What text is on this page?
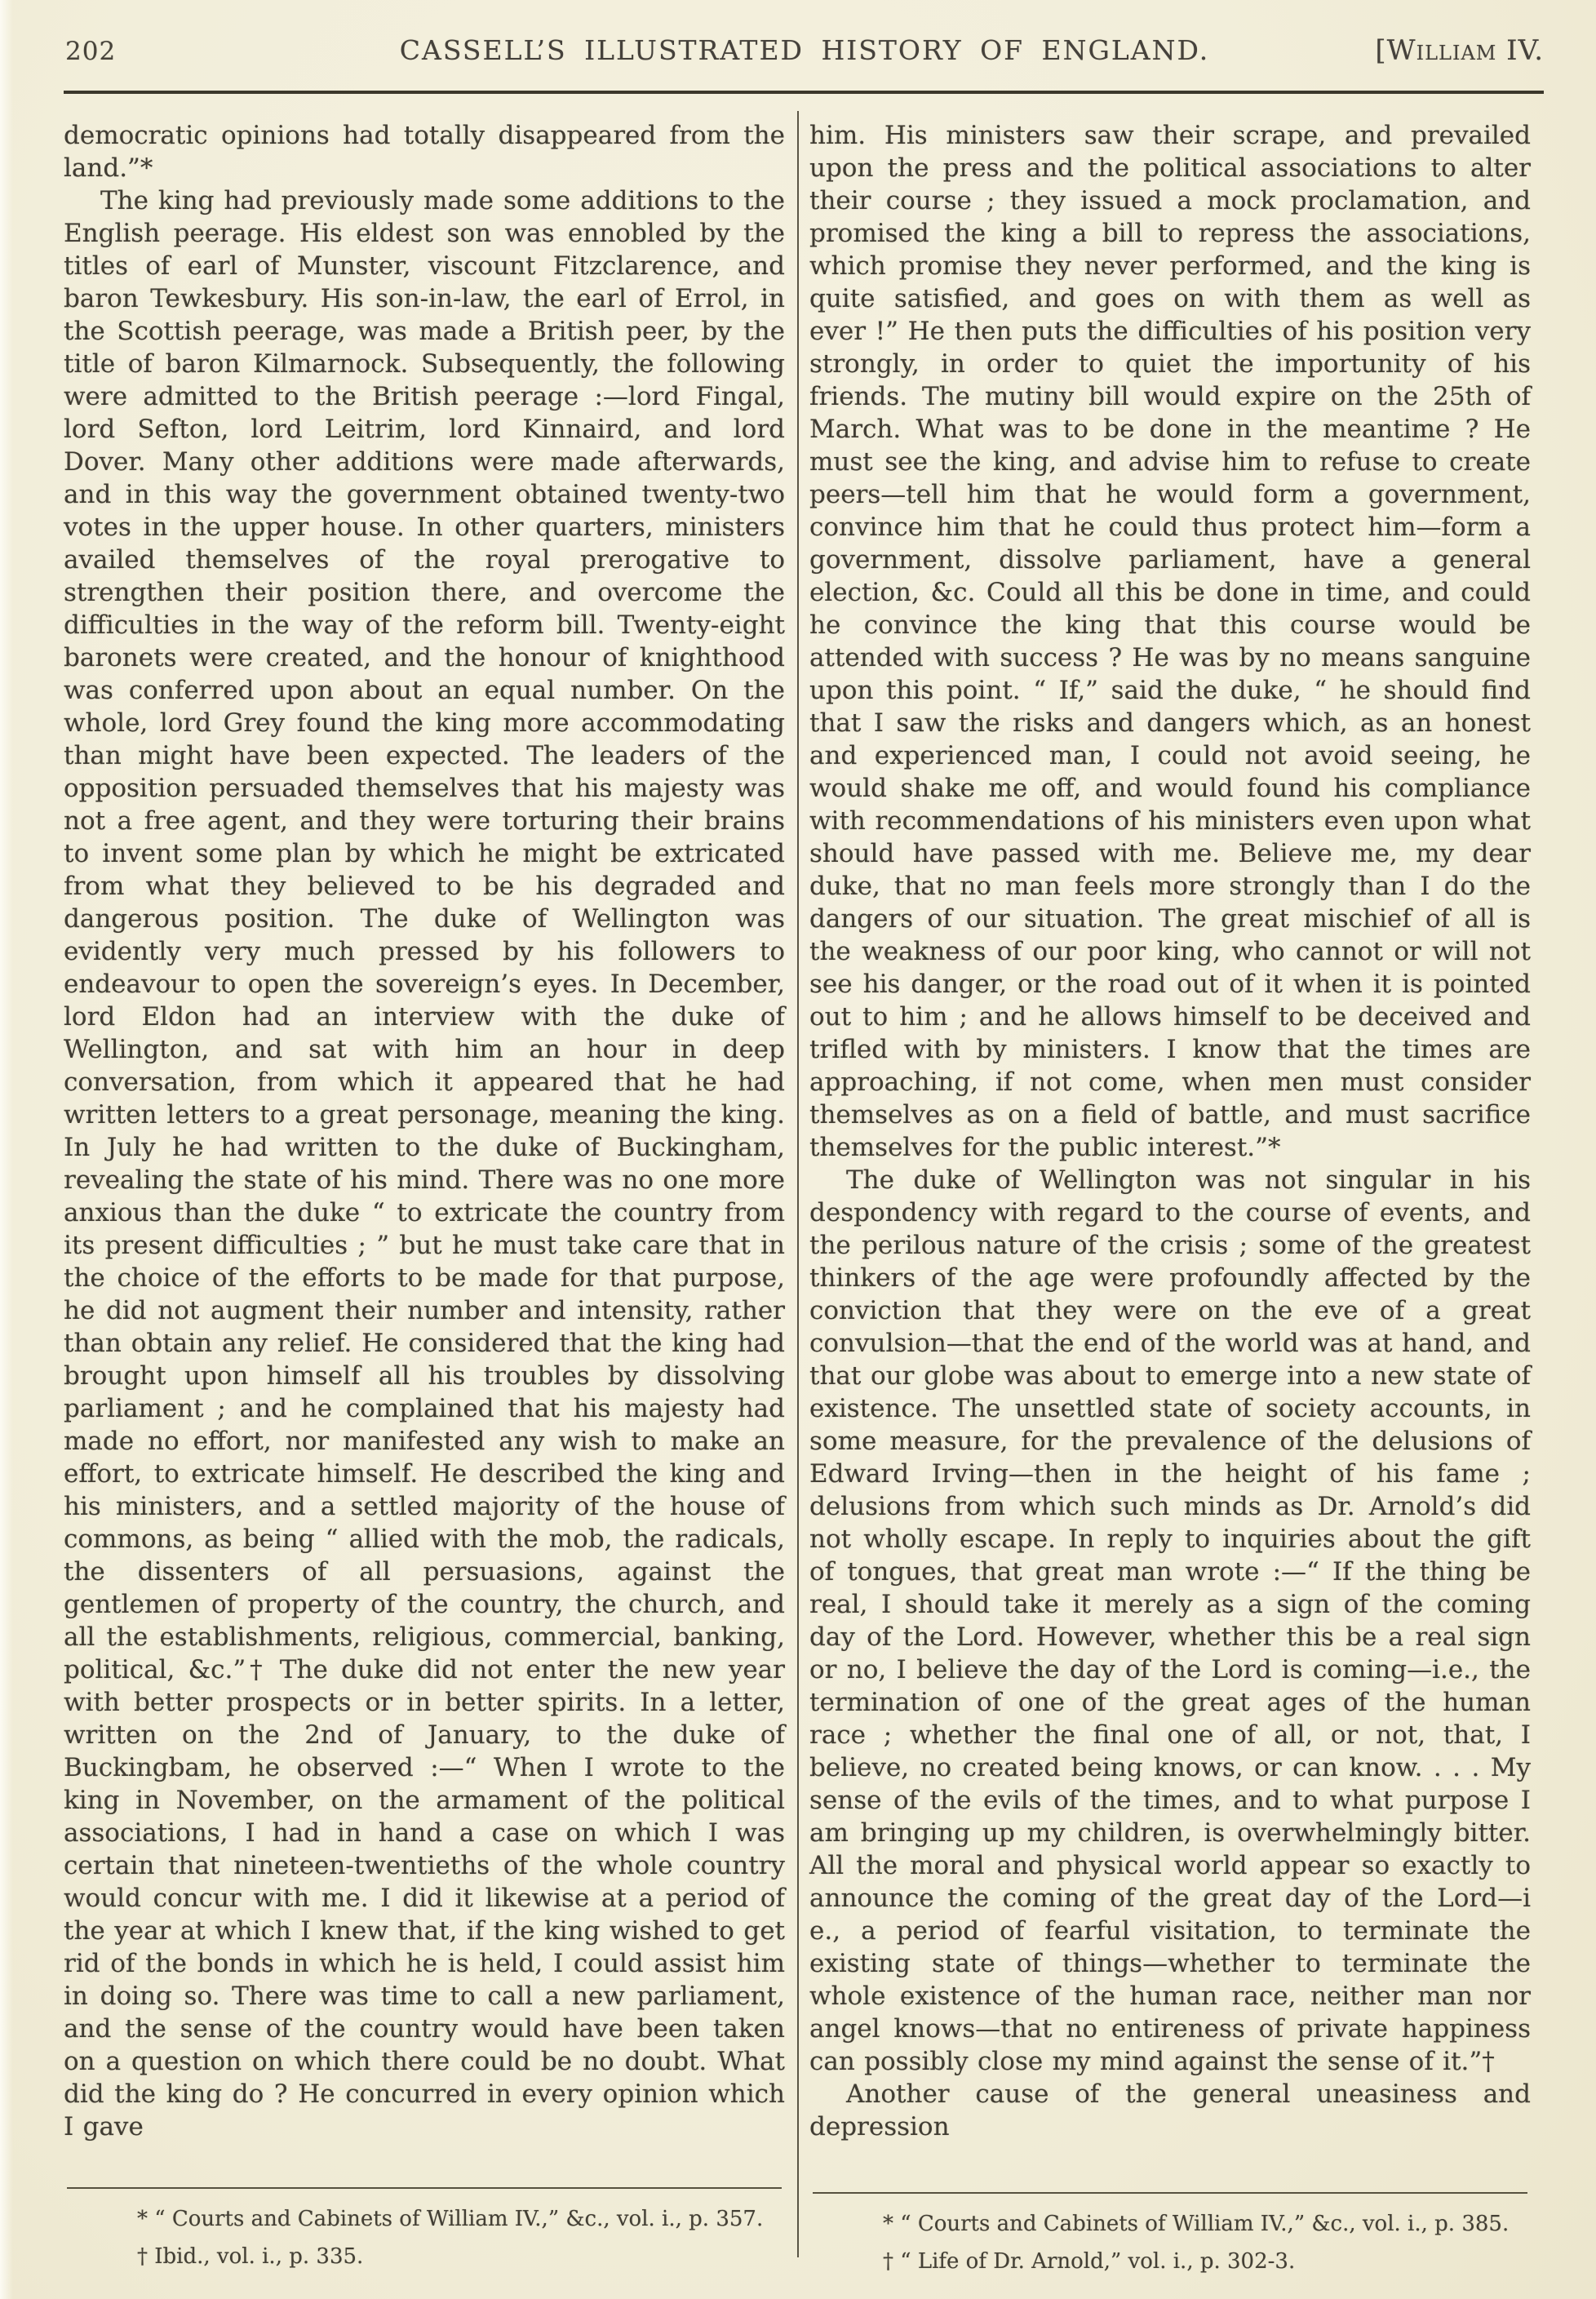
202	CASSELL’S ILLUSTRATED HISTORY OF ENGLAND.	[William IV.

democratic opinions had totally disappeared from the land.”*

The king had previously made some additions to the English peerage. His eldest son was ennobled by the titles of earl of Munster, viscount Fitzclarence, and baron Tewkesbury. His son-in-law, the earl of Errol, in the Scottish peerage, was made a British peer, by the title of baron Kilmarnock. Subsequently, the following were admitted to the British peerage :—lord Fingal, lord Sefton, lord Leitrim, lord Kinnaird, and lord Dover. Many other additions were made afterwards, and in this way the government obtained twenty-two votes in the upper house. In other quarters, ministers availed themselves of the royal prerogative to strengthen their position there, and overcome the difficulties in the way of the reform bill. Twenty-eight baronets were created, and the honour of knighthood was conferred upon about an equal number. On the whole, lord Grey found the king more accommodating than might have been expected. The leaders of the opposition persuaded themselves that his majesty was not a free agent, and they were torturing their brains to invent some plan by which he might be extricated from what they believed to be his degraded and dangerous position. The duke of Wellington was evidently very much pressed by his followers to endeavour to open the sovereign’s eyes. In December, lord Eldon had an interview with the duke of Wellington, and sat with him an hour in deep conversation, from which it appeared that he had written letters to a great personage, meaning the king. In July he had written to the duke of Buckingham, revealing the state of his mind. There was no one more anxious than the duke “ to extricate the country from its present difficulties ; ” but he must take care that in the choice of the efforts to be made for that purpose, he did not augment their number and intensity, rather than obtain any relief. He considered that the king had brought upon himself all his troubles by dissolving parliament ; and he complained that his majesty had made no effort, nor manifested any wish to make an effort, to extricate himself. He described the king and his ministers, and a settled majority of the house of commons, as being “ allied with the mob, the radicals, the dissenters of all persuasions, against the gentlemen of property of the country, the church, and all the establishments, religious, commercial, banking, political, &c.”† The duke did not enter the new year with better prospects or in better spirits. In a letter, written on the 2nd of January, to the duke of Buckingbam, he observed :—“ When I wrote to the king in November, on the armament of the political associations, I had in hand a case on which I was certain that nineteen-twentieths of the whole country would concur with me. I did it likewise at a period of the year at which I knew that, if the king wished to get rid of the bonds in which he is held, I could assist him in doing so. There was time to call a new parliament, and the sense of the country would have been taken on a question on which there could be no doubt. What did the king do ? He concurred in every opinion which I gave

him. His ministers saw their scrape, and prevailed upon the press and the political associations to alter their course ; they issued a mock proclamation, and promised the king a bill to repress the associations, which promise they never performed, and the king is quite satisfied, and goes on with them as well as ever !” He then puts the difficulties of his position very strongly, in order to quiet the importunity of his friends. The mutiny bill would expire on the 25th of March. What was to be done in the meantime ? He must see the king, and advise him to refuse to create peers—tell him that he would form a government, convince him that he could thus protect him—form a government, dissolve parliament, have a general election, &c. Could all this be done in time, and could he convince the king that this course would be attended with success ? He was by no means sanguine upon this point. “ If,” said the duke, “ he should find that I saw the risks and dangers which, as an honest and experienced man, I could not avoid seeing, he would shake me off, and would found his compliance with recommendations of his ministers even upon what should have passed with me. Believe me, my dear duke, that no man feels more strongly than I do the dangers of our situation. The great mischief of all is the weakness of our poor king, who cannot or will not see his danger, or the road out of it when it is pointed out to him ; and he allows himself to be deceived and trifled with by ministers. I know that the times are approaching, if not come, when men must consider themselves as on a field of battle, and must sacrifice themselves for the public interest.”*

The duke of Wellington was not singular in his despondency with regard to the course of events, and the perilous nature of the crisis ; some of the greatest thinkers of the age were profoundly affected by the conviction that they were on the eve of a great convulsion—that the end of the world was at hand, and that our globe was about to emerge into a new state of existence. The unsettled state of society accounts, in some measure, for the prevalence of the delusions of Edward Irving—then in the height of his fame ; delusions from which such minds as Dr. Arnold’s did not wholly escape. In reply to inquiries about the gift of tongues, that great man wrote :—“ If the thing be real, I should take it merely as a sign of the coming day of the Lord. However, whether this be a real sign or no, I believe the day of the Lord is coming—i.e., the termination of one of the great ages of the human race ; whether the final one of all, or not, that, I believe, no created being knows, or can know. . . . My sense of the evils of the times, and to what purpose I am bringing up my children, is overwhelmingly bitter. All the moral and physical world appear so exactly to announce the coming of the great day of the Lord—i e., a period of fearful visitation, to terminate the existing state of things—whether to terminate the whole existence of the human race, neither man nor angel knows—that no entireness of private happiness can possibly close my mind against the sense of it.”†

Another cause of the general uneasiness and depression

* “ Courts and Cabinets of William IV.,” &c., vol. i., p. 357.

† Ibid., vol. i., p. 335.

* “ Courts and Cabinets of William IV.,” &c., vol. i., p. 385.

† “ Life of Dr. Arnold,” vol. i., p. 302-3.
